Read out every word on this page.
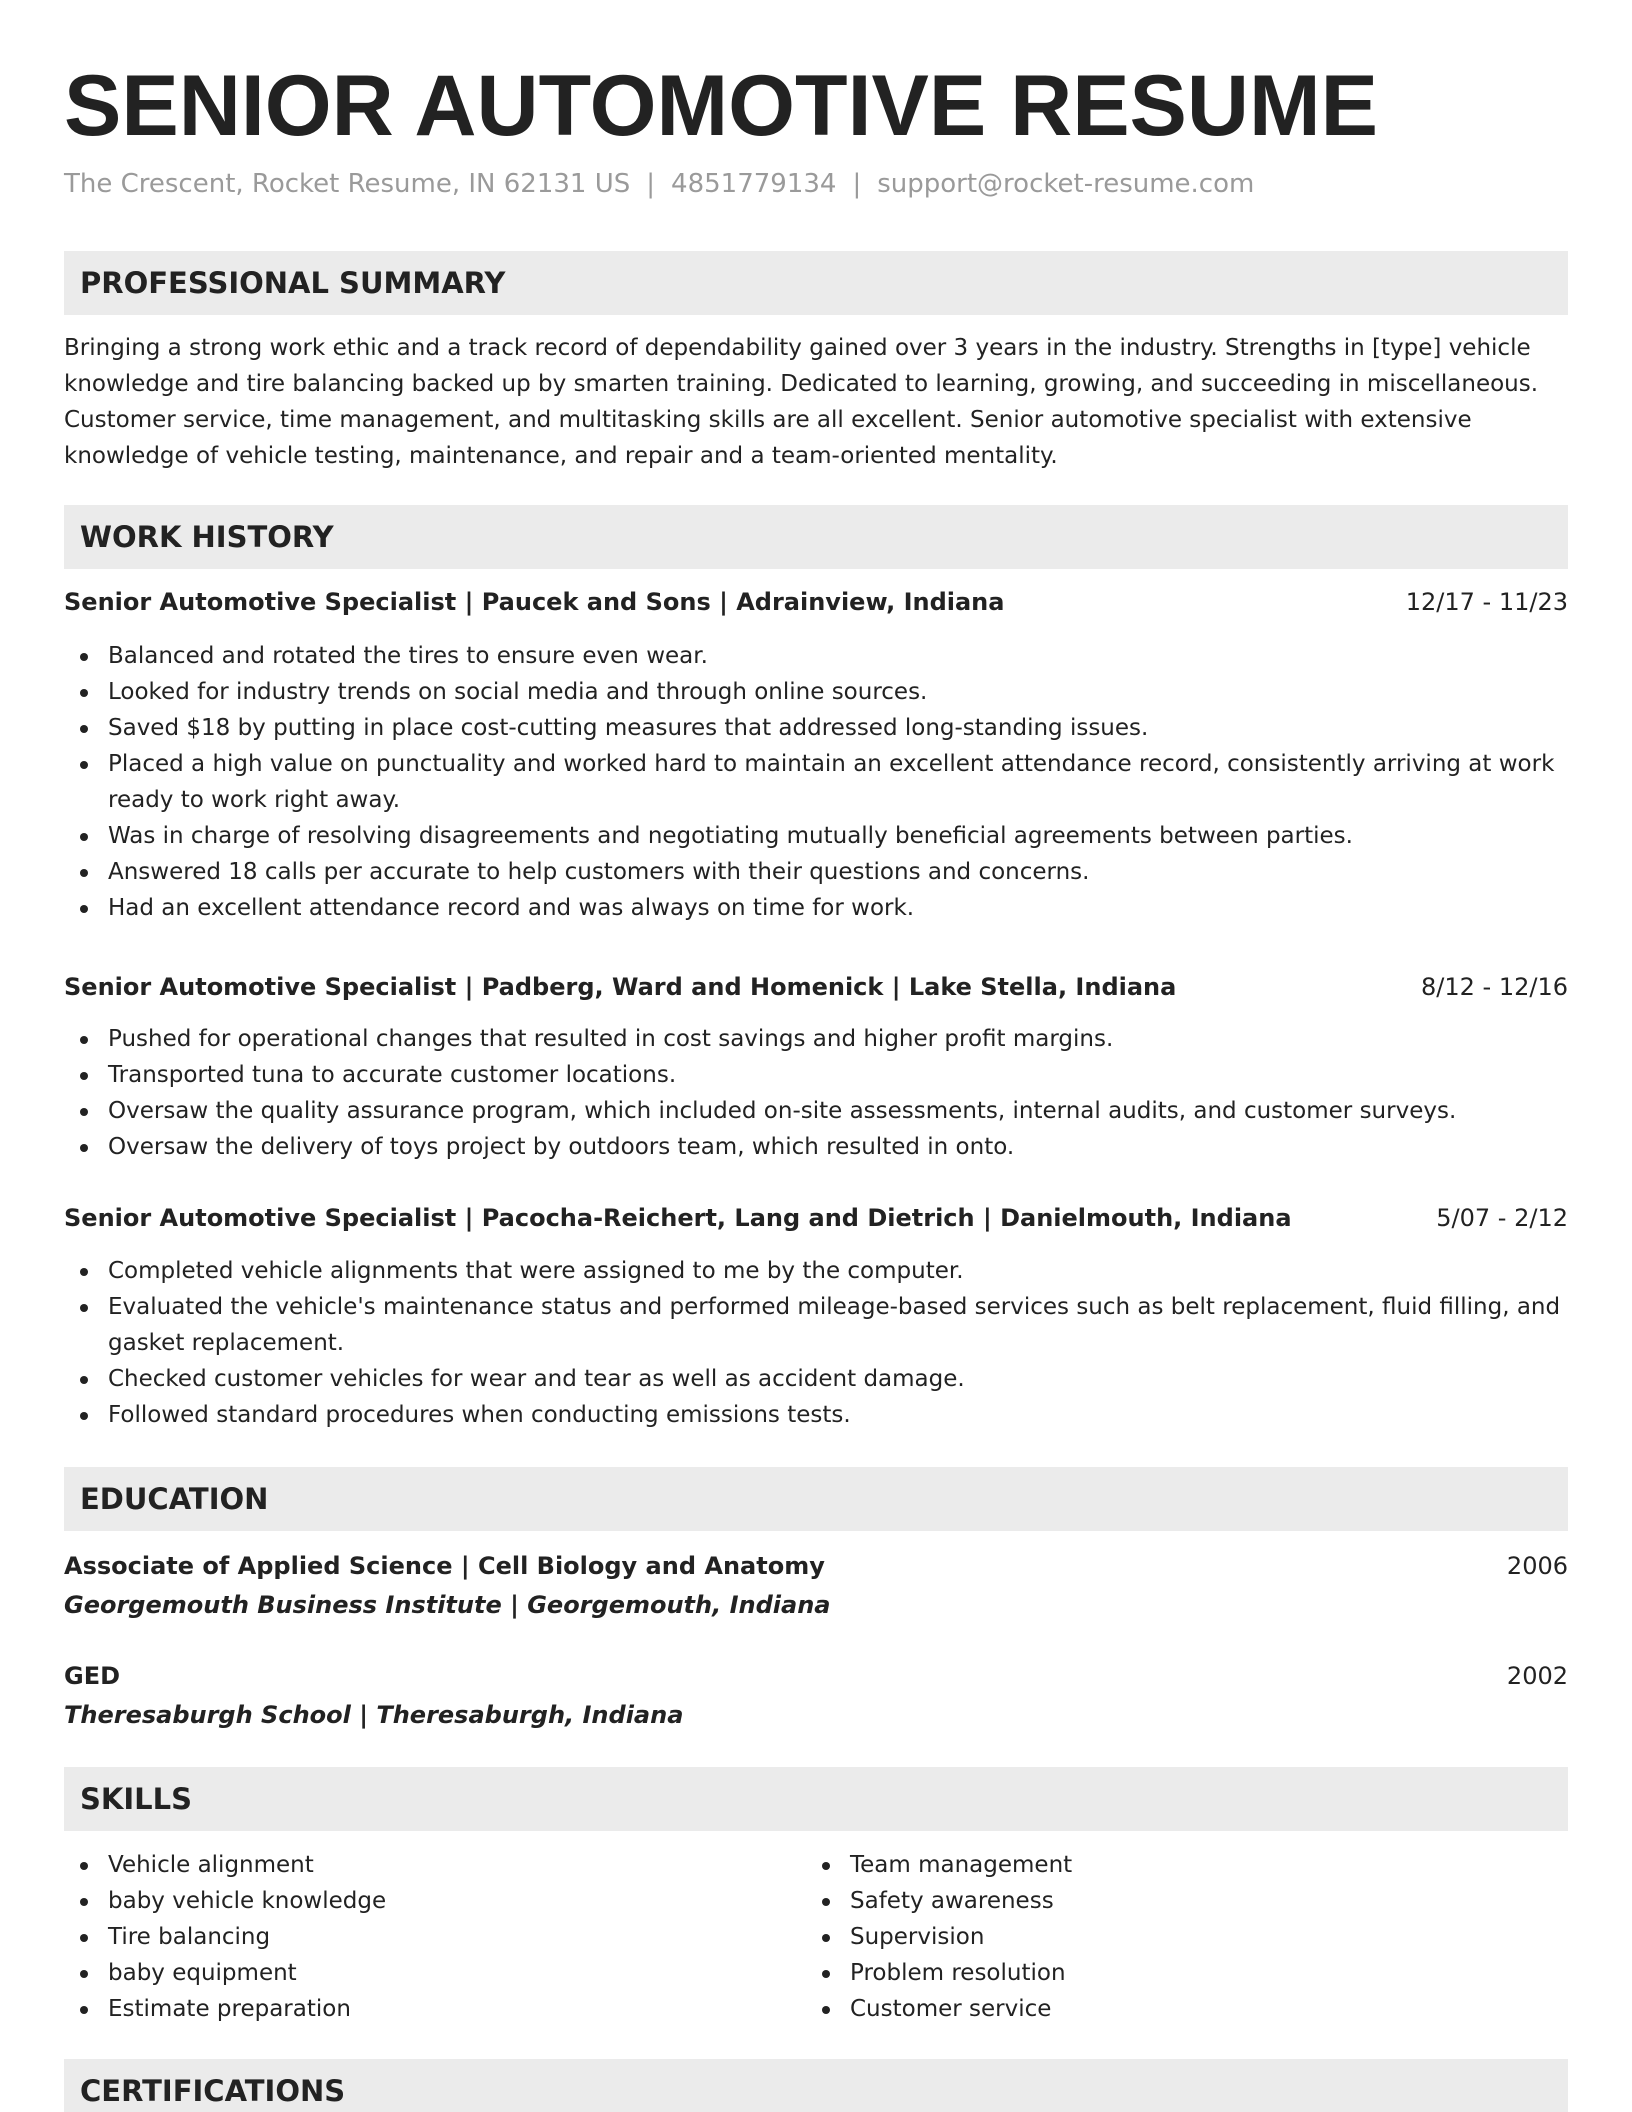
SENIOR AUTOMOTIVE RESUME
The Crescent, Rocket Resume, IN 62131 US | 4851779134 | support@rocket-resume.com
PROFESSIONAL SUMMARY

Bringing a strong work ethic and a track record of dependability gained over 3 years in the industry. Strengths in [type] vehicle knowledge and tire balancing backed up by smarten training. Dedicated to learning, growing, and succeeding in miscellaneous. Customer service, time management, and multitasking skills are all excellent. Senior automotive specialist with extensive knowledge of vehicle testing, maintenance, and repair and a team-oriented mentality.

WORK HISTORY
Senior Automotive Specialist | Paucek and Sons | Adrainview, Indiana	12/17 - 11/23
Balanced and rotated the tires to ensure even wear.
Looked for industry trends on social media and through online sources.
Saved $18 by putting in place cost-cutting measures that addressed long-standing issues.
Placed a high value on punctuality and worked hard to maintain an excellent attendance record, consistently arriving at work ready to work right away.
Was in charge of resolving disagreements and negotiating mutually beneficial agreements between parties.
Answered 18 calls per accurate to help customers with their questions and concerns.
Had an excellent attendance record and was always on time for work.
Senior Automotive Specialist | Padberg, Ward and Homenick | Lake Stella, Indiana	8/12 - 12/16
Pushed for operational changes that resulted in cost savings and higher profit margins.
Transported tuna to accurate customer locations.
Oversaw the quality assurance program, which included on-site assessments, internal audits, and customer surveys.
Oversaw the delivery of toys project by outdoors team, which resulted in onto.
Senior Automotive Specialist | Pacocha-Reichert, Lang and Dietrich | Danielmouth, Indiana	5/07 - 2/12
Completed vehicle alignments that were assigned to me by the computer.
Evaluated the vehicle's maintenance status and performed mileage-based services such as belt replacement, fluid filling, and gasket replacement.
Checked customer vehicles for wear and tear as well as accident damage.
Followed standard procedures when conducting emissions tests.
EDUCATION
Associate of Applied Science | Cell Biology and Anatomy	2006
Georgemouth Business Institute | Georgemouth, Indiana
GED	2002
Theresaburgh School | Theresaburgh, Indiana
SKILLS
Vehicle alignment
baby vehicle knowledge
Tire balancing
baby equipment
Estimate preparation
Team management
Safety awareness
Supervision
Problem resolution
Customer service
CERTIFICATIONS
